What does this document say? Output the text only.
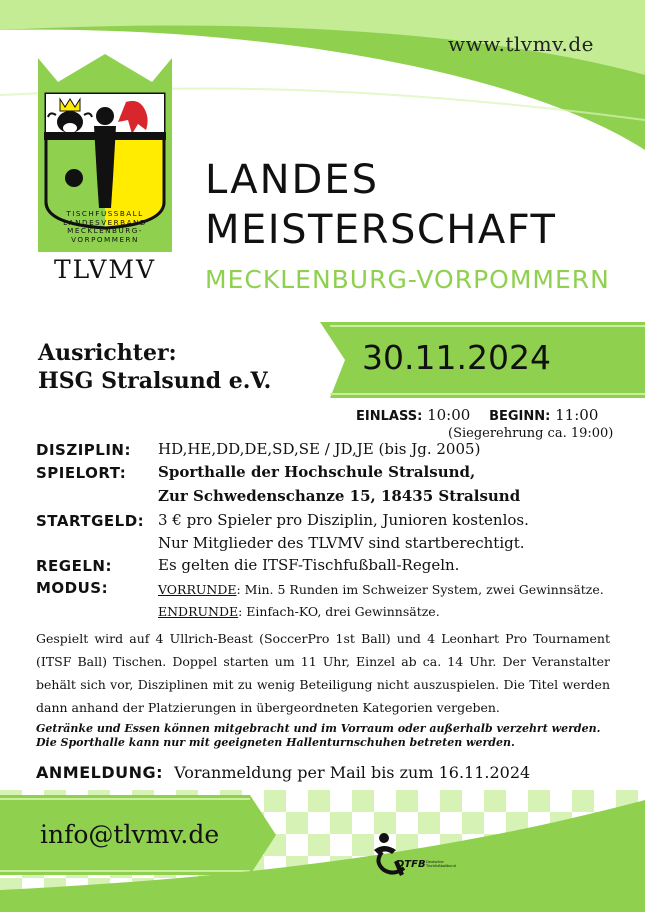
TISCHFUSSBALL
LANDESVERBAND
MECKLENBURG-
VORPOMMERN
TLVMV
www.tlvmv.de
LANDES
MEISTERSCHAFT
MECKLENBURG-VORPOMMERN
Ausrichter:
HSG Stralsund e.V.
30.11.2024
EINLASS: 10:00 BEGINN: 11:00
(Siegerehrung ca. 19:00)
DISZIPLIN: HD,HE,DD,DE,SD,SE / JD,JE (bis Jg. 2005)
SPIELORT: Sporthalle der Hochschule Stralsund,
Zur Schwedenschanze 15, 18435 Stralsund
STARTGELD: 3 € pro Spieler pro Disziplin, Junioren kostenlos.
Nur Mitglieder des TLVMV sind startberechtigt.
REGELN:	Es gelten die ITSF-Tischfußball-Regeln.
MODUS:	VORRUNDE: Min. 5 Runden im Schweizer System, zwei Gewinnsätze.
ENDRUNDE: Einfach-KO, drei Gewinnsätze.
Gespielt wird auf 4 Ullrich-Beast (SoccerPro 1st Ball) und 4 Leonhart Pro Tournament (ITSF Ball) Tischen. Doppel starten um 11 Uhr, Einzel ab ca. 14 Uhr. Der Veranstalter behält sich vor, Disziplinen mit zu wenig Beteiligung nicht auszuspielen. Die Titel werden dann anhand der Platzierungen in übergeordneten Kategorien vergeben.
Getränke und Essen können mitgebracht und im Vorraum oder außerhalb verzehrt werden.
Die Sporthalle kann nur mit geeigneten Hallenturnschuhen betreten werden.
ANMELDUNG: Voranmeldung per Mail bis zum 16.11.2024
info@tlvmv.de
DTFB Deutscher
Tischfußballbund
